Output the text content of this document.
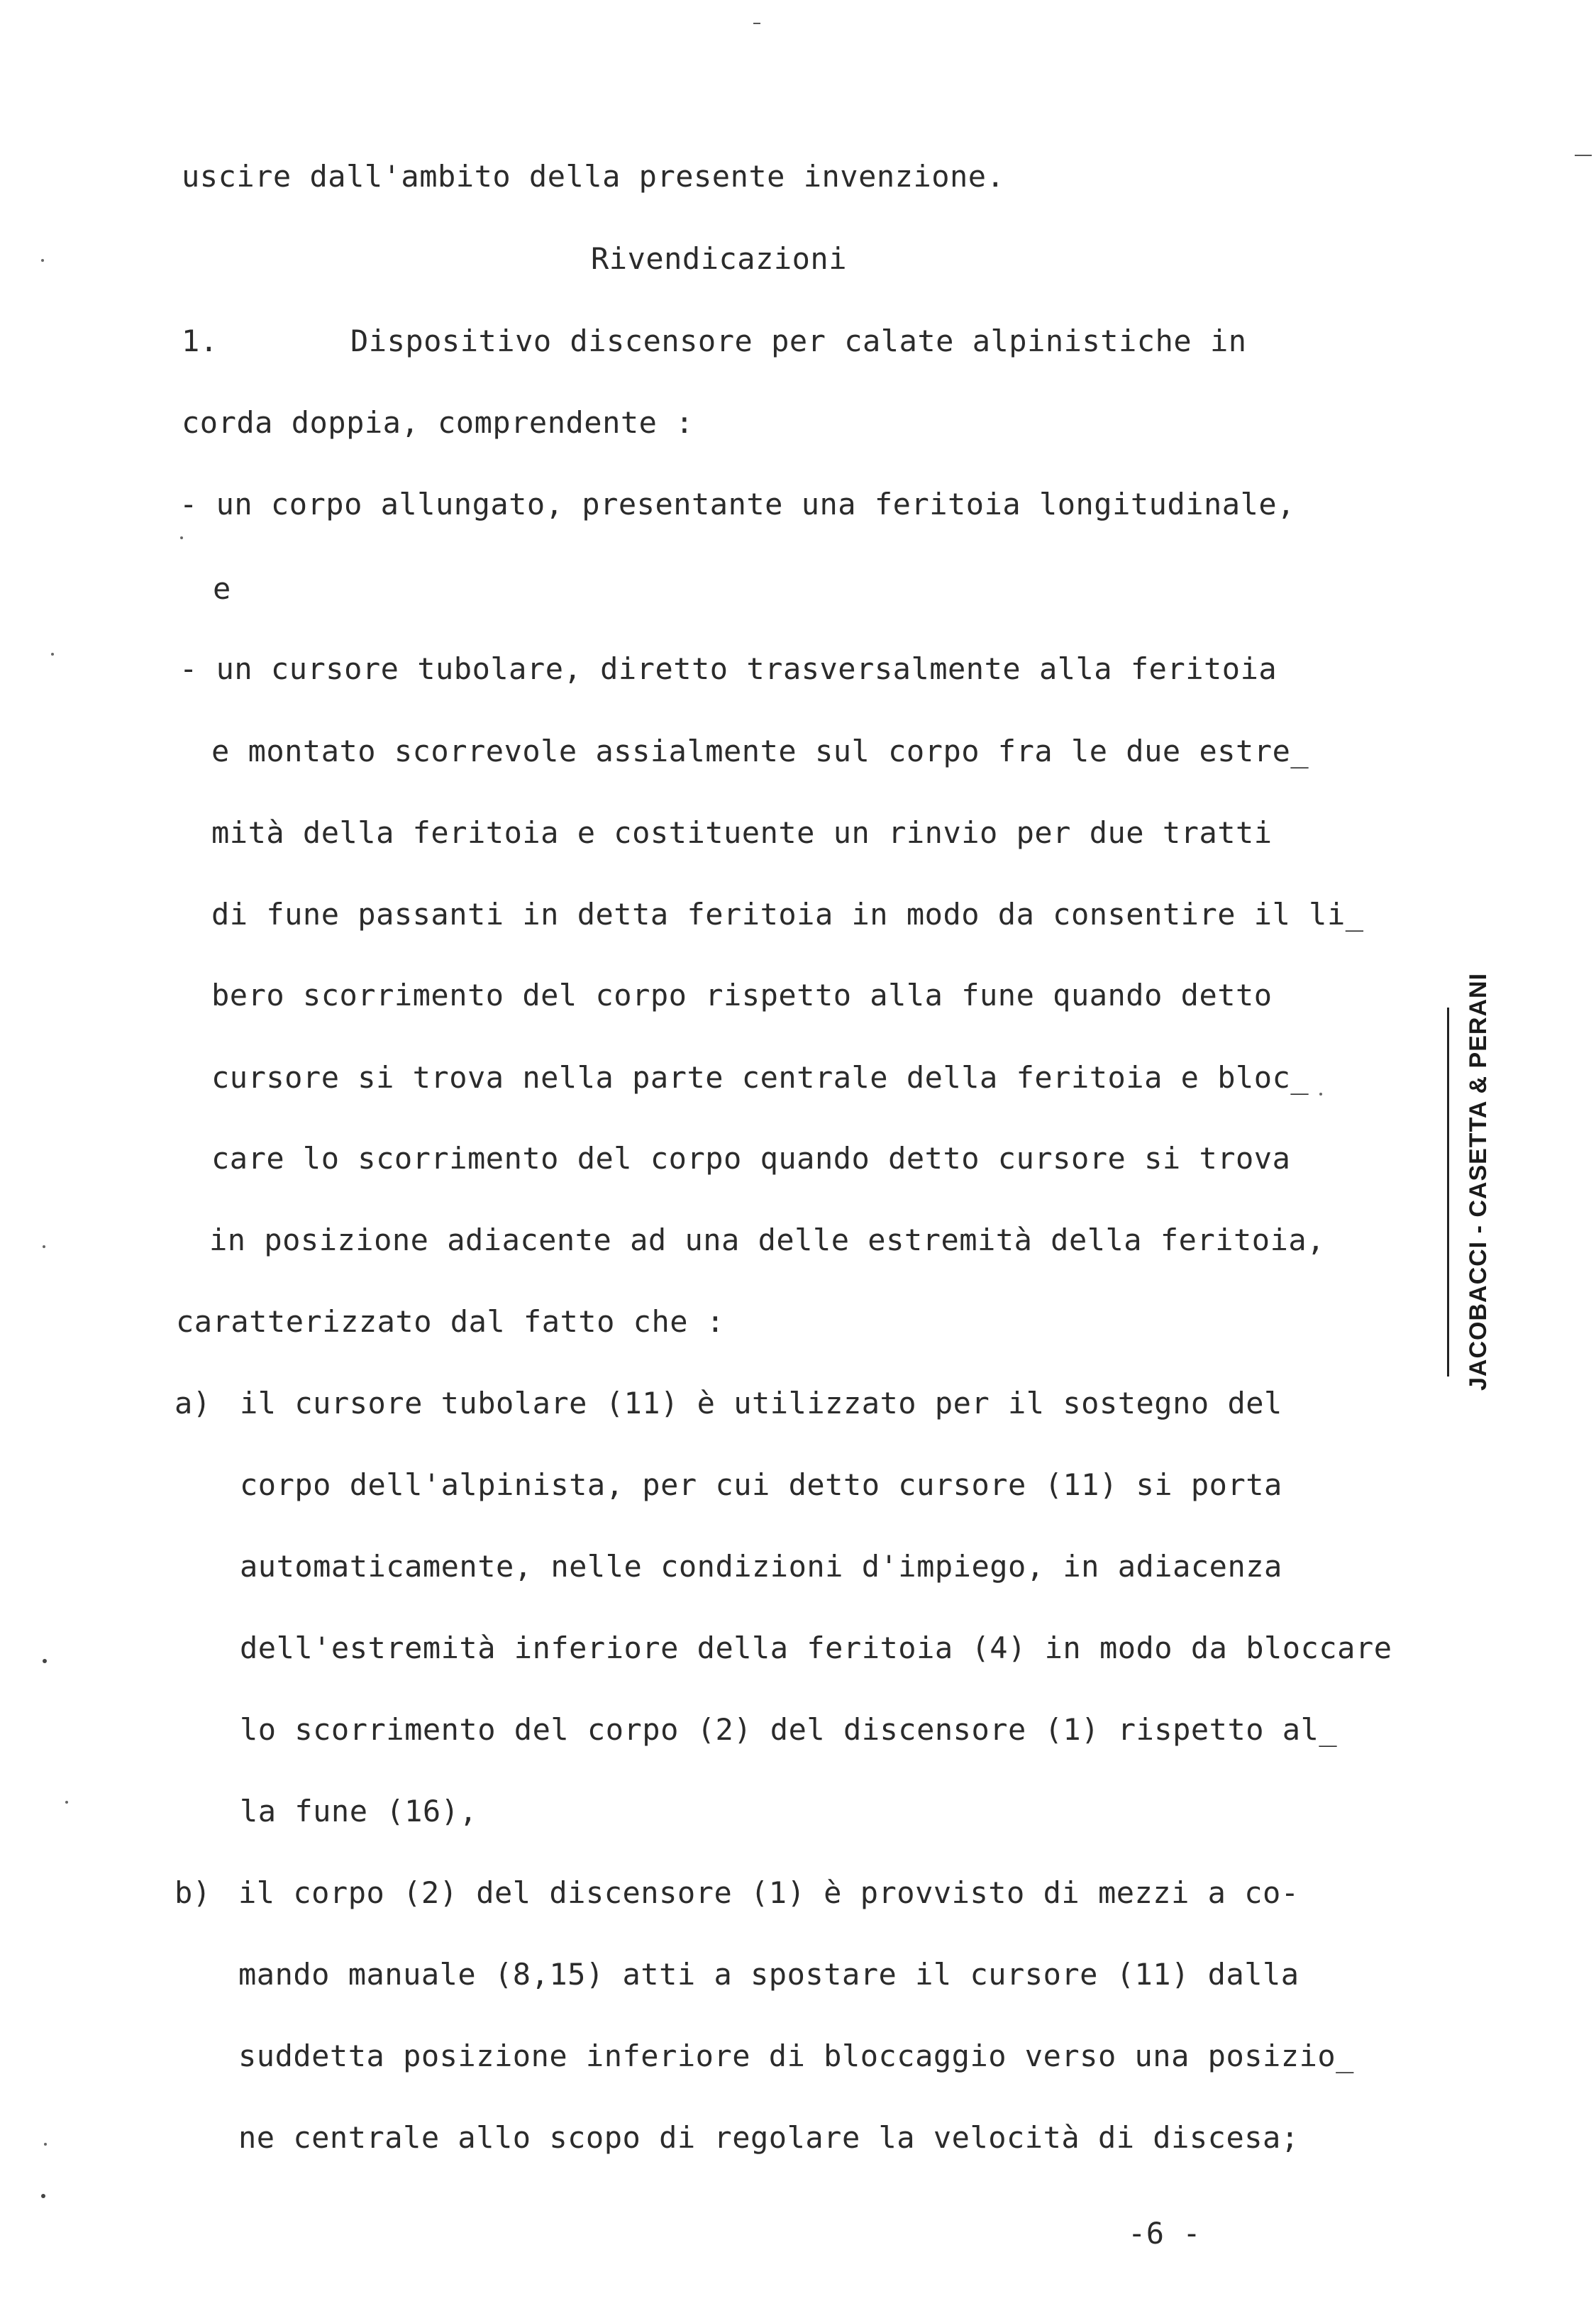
uscire dall'ambito della presente invenzione.
Rivendicazioni
1.	Dispositivo discensore per calate alpinistiche in
corda doppia, comprendente :
- un corpo allungato, presentante una feritoia longitudinale,
e
- un cursore tubolare, diretto trasversalmente alla feritoia
e montato scorrevole assialmente sul corpo fra le due estre_
mità della feritoia e costituente un rinvio per due tratti
di fune passanti in detta feritoia in modo da consentire il li_
bero scorrimento del corpo rispetto alla fune quando detto
cursore si trova nella parte centrale della feritoia e bloc_
care lo scorrimento del corpo quando detto cursore si trova
in posizione adiacente ad una delle estremità della feritoia,
caratterizzato dal fatto che :
a) il cursore tubolare (11) è utilizzato per il sostegno del
corpo dell'alpinista, per cui detto cursore (11) si porta
automaticamente, nelle condizioni d'impiego, in adiacenza
dell'estremità inferiore della feritoia (4) in modo da bloccare
lo scorrimento del corpo (2) del discensore (1) rispetto al_
la fune (16),
b) il corpo (2) del discensore (1) è provvisto di mezzi a co-
mando manuale (8,15) atti a spostare il cursore (11) dalla
suddetta posizione inferiore di bloccaggio verso una posizio_
ne centrale allo scopo di regolare la velocità di discesa;
-6 -
JACOBACCI - CASETTA & PERANI
